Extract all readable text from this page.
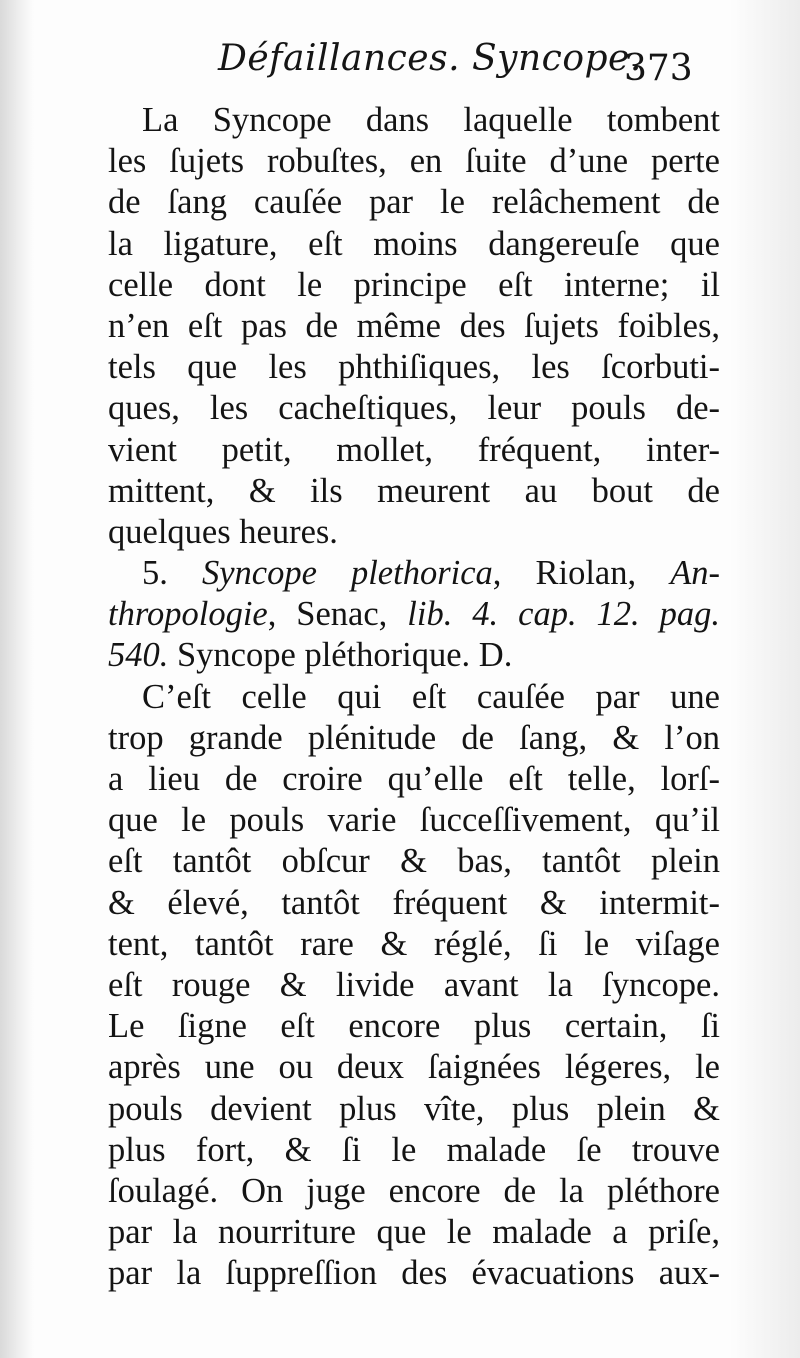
Défaillances. Syncope.
373
La Syncope dans laquelle tombent
les ſujets robuſtes, en ſuite d’une perte
de ſang cauſée par le relâchement de
la ligature, eſt moins dangereuſe que
celle dont le principe eſt interne; il
n’en eſt pas de même des ſujets foibles,
tels que les phthiſiques, les ſcorbuti-
ques, les cacheſtiques, leur pouls de-
vient petit, mollet, fréquent, inter-
mittent, & ils meurent au bout de
quelques heures.
5. Syncope plethorica, Riolan, An-
thropologie, Senac, lib. 4. cap. 12. pag.
540. Syncope pléthorique. D.
C’eſt celle qui eſt cauſée par une
trop grande plénitude de ſang, & l’on
a lieu de croire qu’elle eſt telle, lorſ-
que le pouls varie ſucceſſivement, qu’il
eſt tantôt obſcur & bas, tantôt plein
& élevé, tantôt fréquent & intermit-
tent, tantôt rare & réglé, ſi le viſage
eſt rouge & livide avant la ſyncope.
Le ſigne eſt encore plus certain, ſi
après une ou deux ſaignées légeres, le
pouls devient plus vîte, plus plein &
plus fort, & ſi le malade ſe trouve
ſoulagé. On juge encore de la pléthore
par la nourriture que le malade a priſe,
par la ſuppreſſion des évacuations aux-
